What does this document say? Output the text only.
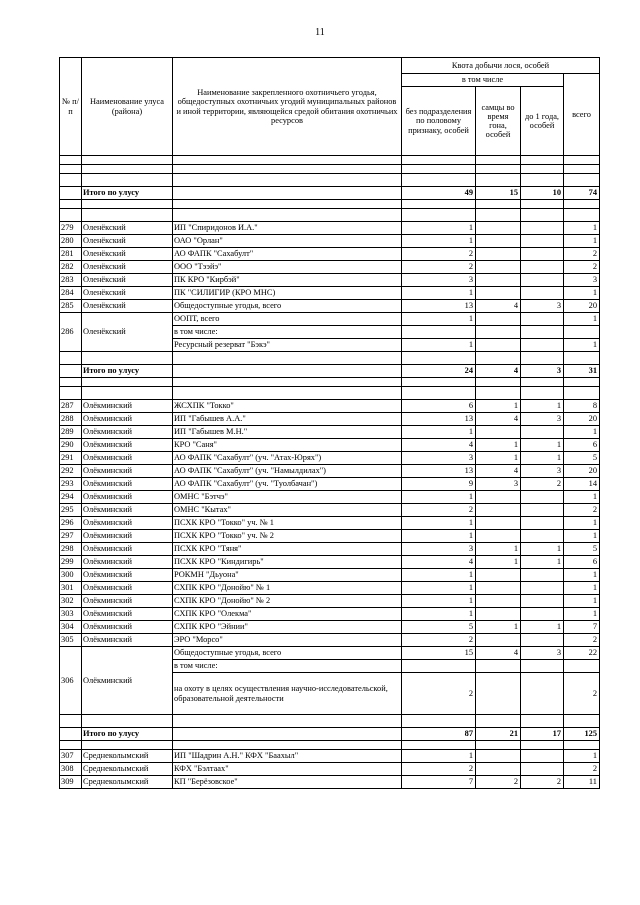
11
№ п/п	Наименование улуса (района)	Наименование закрепленного охотничьего угодья, общедоступных охотничьих угодий муниципальных районов и иной территории, являющейся средой обитания охотничьих ресурсов	Квота добычи лося, особей			
			в том числе			всего
			без подразделения по половому признаку, особей	самцы во время гона, особей	до 1 года, особей	

	Итого по улусу		49	15	10	74

279	Оленёкский	ИП "Спиридонов И.А."	1			1
280	Оленёкский	ОАО "Орлан"	1			1
281	Оленёкский	АО ФАПК "Сахабулт"	2			2
282	Оленёкский	ООО "Тээйэ"	2			2
283	Оленёкский	ПК КРО "Кирбэй"	3			3
284	Оленёкский	ПК "СИЛИГИР (КРО МНС)	1			1
285	Оленёкский	Общедоступные угодья, всего	13	4	3	20
286	Оленёкский	ООПТ, всего	1			1
		в том числе:				
		Ресурсный резерват "Бэкэ"	1			1

	Итого по улусу		24	4	3	31

287	Олёкминский	ЖСХПК "Токко"	6	1	1	8
288	Олёкминский	ИП "Габышев А.А."	13	4	3	20
289	Олёкминский	ИП "Габышев М.Н."	1			1
290	Олёкминский	КРО "Саня"	4	1	1	6
291	Олёкминский	АО ФАПК "Сахабулт" (уч. "Атах-Юрях")	3	1	1	5
292	Олёкминский	АО ФАПК "Сахабулт" (уч. "Намылдилах")	13	4	3	20
293	Олёкминский	АО ФАПК "Сахабулт" (уч. "Туолбачан")	9	3	2	14
294	Олёкминский	ОМНС "Бэтчэ"	1			1
295	Олёкминский	ОМНС "Кытах"	2			2
296	Олёкминский	ПСХК КРО "Токко" уч. № 1	1			1
297	Олёкминский	ПСХК КРО "Токко" уч. № 2	1			1
298	Олёкминский	ПСХК КРО "Тяня"	3	1	1	5
299	Олёкминский	ПСХК КРО "Киндигирь"	4	1	1	6
300	Олёкминский	РОКМН "Дьуона"	1			1
301	Олёкминский	СХПК КРО "Донойю" № 1	1			1
302	Олёкминский	СХПК КРО "Донойю" № 2	1			1
303	Олёкминский	СХПК КРО "Олекма"	1			1
304	Олёкминский	СХПК КРО "Эйнии"	5	1	1	7
305	Олёкминский	ЭРО "Морсо"	2			2
306	Олёкминский	Общедоступные угодья, всего	15	4	3	22
		в том числе:				
		на охоту в целях осуществления научно-исследовательской, образовательной деятельности	2			2

	Итого по улусу		87	21	17	125

307	Среднеколымский	ИП "Шадрин А.Н." КФХ "Баахыл"	1			1
308	Среднеколымский	КФХ "Бэлтаах"	2			2
309	Среднеколымский	КП "Берёзовское"	7	2	2	11
